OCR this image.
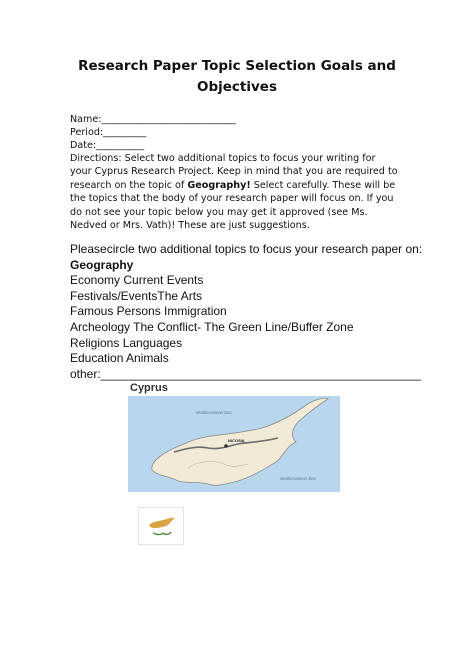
Research Paper Topic Selection Goals and
Objectives
Name:____________________________
Period:_________
Date:__________
Directions: Select two additional topics to focus your writing for your Cyprus Research Project. Keep in mind that you are required to research on the topic of Geography! Select carefully. These will be the topics that the body of your research paper will focus on. If you do not see your topic below you may get it approved (see Ms. Nedved or Mrs. Vath)! These are just suggestions.
Pleasecircle two additional topics to focus your research paper on:
Geography
Economy Current Events
Festivals/EventsThe Arts
Famous Persons Immigration
Archeology The Conflict- The Green Line/Buffer Zone
Religions Languages
Education Animals
other:________________________________________________
Cyprus
NICOSIA
Mediterranean Sea
Mediterranean Sea
